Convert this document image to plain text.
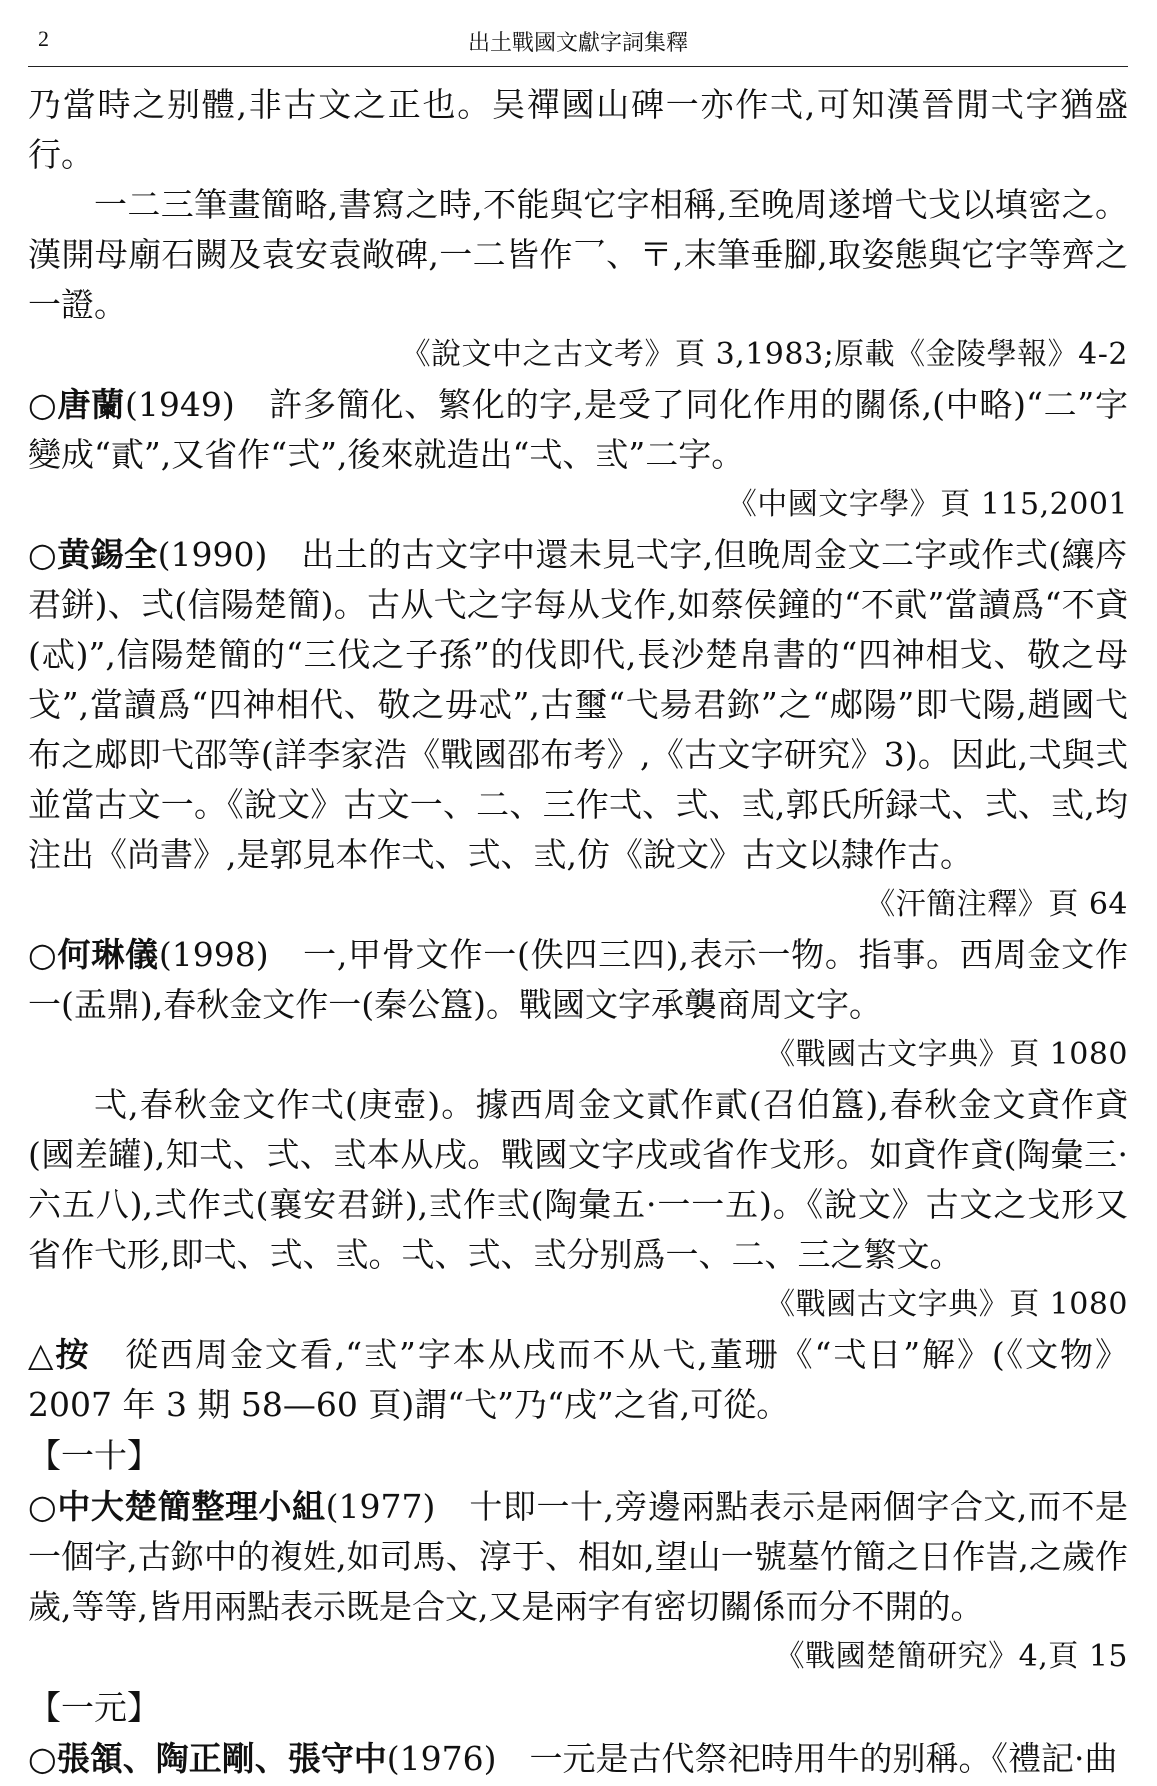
2	出土戰國文獻字詞集釋

乃當時之别體,非古文之正也。吴禪國山碑一亦作弌,可知漢晉閒弌字猶盛行。

一二三筆畫簡略,書寫之時,不能與它字相稱,至晚周遂增弋戈以填密之。漢開母廟石闕及袁安袁敞碑,一二皆作乛、〒,末筆垂腳,取姿態與它字等齊之一證。

《說文中之古文考》頁 3,1983;原載《金陵學報》4-2

○唐蘭(1949)　許多簡化、繁化的字,是受了同化作用的關係,(中略)“二”字變成“貳”,又省作“弍”,後來就造出“弌、弎”二字。

《中國文字學》頁 115,2001

○黄錫全(1990)　出土的古文字中還未見弌字,但晚周金文二字或作弍(纕庈君鉼)、弍(信陽楚簡)。古从弋之字每从戈作,如蔡侯鐘的“不貮”當讀爲“不貣(忒)”,信陽楚簡的“三伐之子孫”的伐即代,長沙楚帛書的“四神相戈、敬之母戈”,當讀爲“四神相代、敬之毋忒”,古璽“弋昜君鉨”之“郕陽”即弋陽,趙國弋布之郕即弋邵等(詳李家浩《戰國邵布考》,《古文字研究》3)。因此,弌與弍並當古文一。《說文》古文一、二、三作弌、弍、弎,郭氏所録弌、弍、弎,均注出《尚書》,是郭見本作弌、弍、弎,仿《說文》古文以隸作古。

《汗簡注釋》頁 64

○何琳儀(1998)　一,甲骨文作一(佚四三四),表示一物。指事。西周金文作一(盂鼎),春秋金文作一(秦公簋)。戰國文字承襲商周文字。

《戰國古文字典》頁 1080

弌,春秋金文作弌(庚壺)。據西周金文貳作貳(召伯簋),春秋金文貣作貣(國差罐),知弌、弍、弎本从戌。戰國文字戌或省作戈形。如貣作貣(陶彙三·六五八),弍作弍(襄安君鉼),弎作弎(陶彙五·一一五)。《說文》古文之戈形又省作弋形,即弌、弍、弎。弌、弍、弎分别爲一、二、三之繁文。

《戰國古文字典》頁 1080

△按　從西周金文看,“弎”字本从戌而不从弋,董珊《“弌日”解》(《文物》2007 年 3 期 58—60 頁)謂“弋”乃“戌”之省,可從。

【一十】

○中大楚簡整理小組(1977)　十即一十,旁邊兩點表示是兩個字合文,而不是一個字,古鉨中的複姓,如司馬、淳于、相如,望山一號墓竹簡之日作旹,之歲作歲,等等,皆用兩點表示既是合文,又是兩字有密切關係而分不開的。

《戰國楚簡研究》4,頁 15

【一元】

○張頷、陶正剛、張守中(1976)　一元是古代祭祀時用牛的别稱。《禮記·曲
